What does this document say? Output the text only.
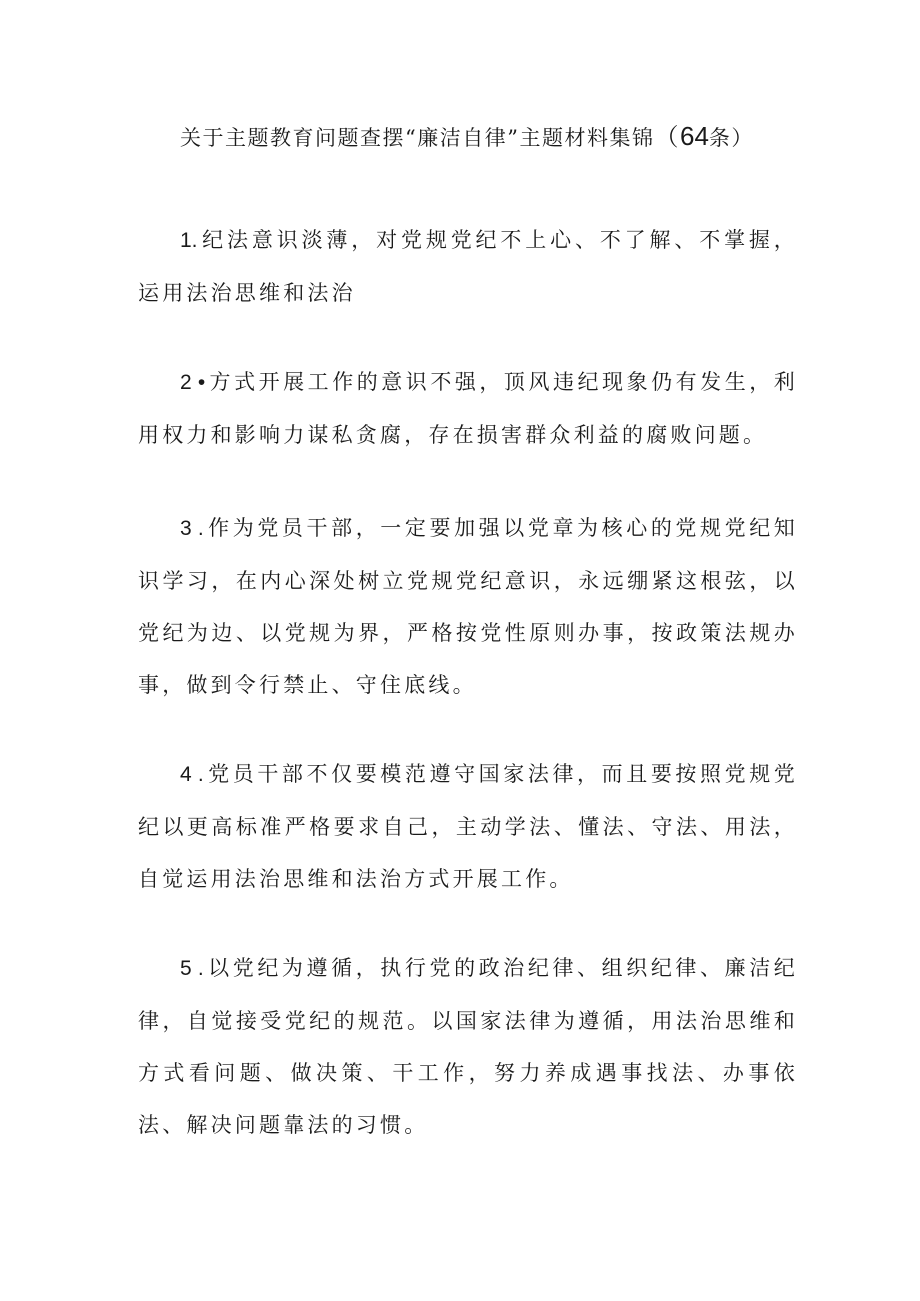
关于主题教育问题查摆“廉洁自律”主题材料集锦（64条）

1. 纪法意识淡薄，对党规党纪不上心、不了解、不掌握，运用法治思维和法治

2 • 方式开展工作的意识不强，顶风违纪现象仍有发生，利用权力和影响力谋私贪腐，存在损害群众利益的腐败问题。

3 . 作为党员干部，一定要加强以党章为核心的党规党纪知识学习，在内心深处树立党规党纪意识，永远绷紧这根弦，以党纪为边、以党规为界，严格按党性原则办事，按政策法规办事，做到令行禁止、守住底线。

4 . 党员干部不仅要模范遵守国家法律，而且要按照党规党纪以更高标准严格要求自己，主动学法、懂法、守法、用法，自觉运用法治思维和法治方式开展工作。

5 . 以党纪为遵循，执行党的政治纪律、组织纪律、廉洁纪律，自觉接受党纪的规范。以国家法律为遵循，用法治思维和方式看问题、做决策、干工作，努力养成遇事找法、办事依法、解决问题靠法的习惯。
